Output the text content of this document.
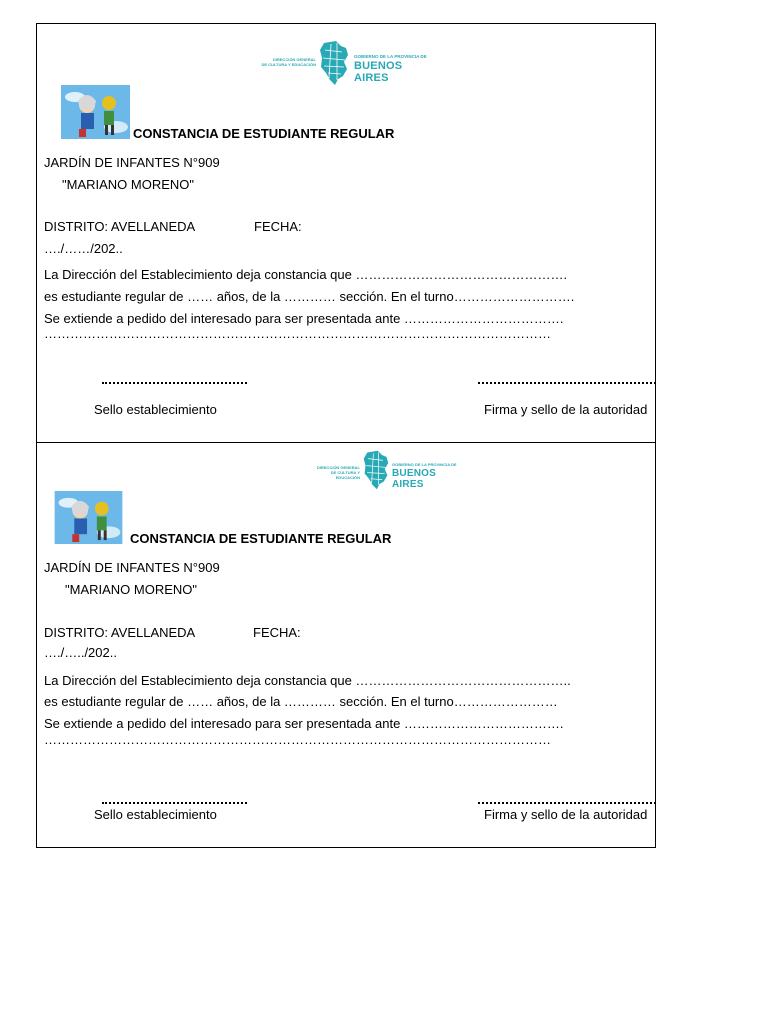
DIRECCIÓN GENERAL
DE CULTURA Y EDUCACIÓN
GOBIERNO DE LA PROVINCIA DE
BUENOS AIRES
CONSTANCIA DE ESTUDIANTE REGULAR
JARDÍN DE INFANTES N°909
"MARIANO MORENO"
DISTRITO: AVELLANEDA	FECHA:
…./……/202..
La Dirección del Establecimiento deja constancia que ………………………………………….
es estudiante regular de …… años, de la ………… sección. En el turno……………………….
Se extiende a pedido del interesado para ser presentada ante ……………………………….
………………………………………………………………………………………………………
Sello establecimiento	Firma y sello de la autoridad
DIRECCIÓN GENERAL
DE CULTURA Y EDUCACIÓN
GOBIERNO DE LA PROVINCIA DE
BUENOS AIRES
CONSTANCIA DE ESTUDIANTE REGULAR
JARDÍN DE INFANTES N°909
"MARIANO MORENO"
DISTRITO: AVELLANEDA	FECHA:
…./…../202..
La Dirección del Establecimiento deja constancia que …………………………………………..
es estudiante regular de …… años, de la ………… sección. En el turno……………………
Se extiende a pedido del interesado para ser presentada ante ……………………………….
………………………………………………………………………………………………………
Sello establecimiento	Firma y sello de la autoridad
